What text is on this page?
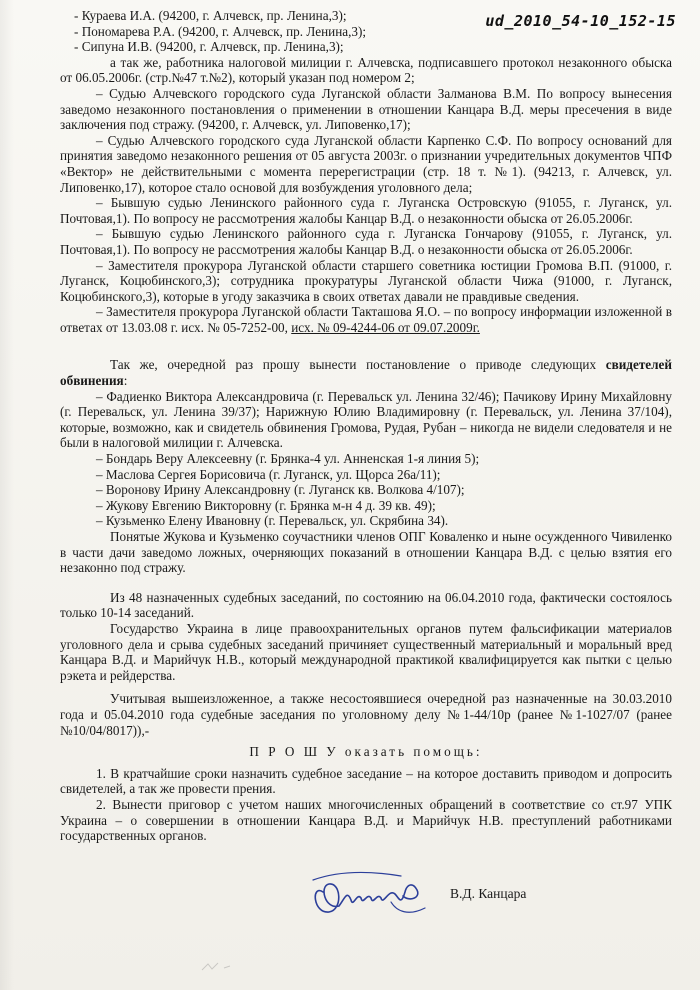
ud_2010_54-10_152-15

- Кураева И.А. (94200, г. Алчевск, пр. Ленина,3);

- Пономарева Р.А. (94200, г. Алчевск, пр. Ленина,3);

- Сипуна И.В. (94200, г. Алчевск, пр. Ленина,3);

а так же, работника налоговой милиции г. Алчевска, подписавшего протокол незаконного обыска от 06.05.2006г. (стр.№47 т.№2), который указан под номером 2;

– Судью Алчевского городского суда Луганской области Залманова В.М. По вопросу вынесения заведомо незаконного постановления о применении в отношении Канцара В.Д. меры пресечения в виде заключения под стражу. (94200, г. Алчевск, ул. Липовенко,17);

– Судью Алчевского городского суда Луганской области Карпенко С.Ф. По вопросу оснований для принятия заведомо незаконного решения от 05 августа 2003г. о признании учредительных документов ЧПФ «Вектор» не действительными с момента перерегистрации (стр. 18 т. №1). (94213, г. Алчевск, ул. Липовенко,17), которое стало основой для возбуждения уголовного дела;

– Бывшую судью Ленинского районного суда г. Луганска Островскую (91055, г. Луганск, ул. Почтовая,1). По вопросу не рассмотрения жалобы Канцар В.Д. о незаконности обыска от 26.05.2006г.

– Бывшую судью Ленинского районного суда г. Луганска Гончарову (91055, г. Луганск, ул. Почтовая,1). По вопросу не рассмотрения жалобы Канцар В.Д. о незаконности обыска от 26.05.2006г.

– Заместителя прокурора Луганской области старшего советника юстиции Громова В.П. (91000, г. Луганск, Коцюбинского,3); сотрудника прокуратуры Луганской области Чижа (91000, г. Луганск, Коцюбинского,3), которые в угоду заказчика в своих ответах давали не правдивые сведения.

– Заместителя прокурора Луганской области Такташова Я.О. – по вопросу информации изложенной в ответах от 13.03.08 г. исх. № 05-7252-00, исх. № 09-4244-06 от 09.07.2009г.

Так же, очередной раз прошу вынести постановление о приводе следующих свидетелей обвинения:

– Фадиенко Виктора Александровича (г. Перевальск ул. Ленина 32/46); Пачикову Ирину Михайловну (г. Перевальск, ул. Ленина 39/37); Нарижную Юлию Владимировну (г. Перевальск, ул. Ленина 37/104), которые, возможно, как и свидетель обвинения Громова, Рудая, Рубан – никогда не видели следователя и не были в налоговой милиции г. Алчевска.

– Бондарь Веру Алексеевну (г. Брянка-4 ул. Анненская 1-я линия 5);

– Маслова Сергея Борисовича (г. Луганск, ул. Щорса 26а/11);

– Воронову Ирину Александровну (г. Луганск кв. Волкова 4/107);

– Жукову Евгению Викторовну (г. Брянка м-н 4 д. 39 кв. 49);

– Кузьменко Елену Ивановну (г. Перевальск, ул. Скрябина 34).

Понятые Жукова и Кузьменко соучастники членов ОПГ Коваленко и ныне осужденного Чивиленко в части дачи заведомо ложных, очерняющих показаний в отношении Канцара В.Д. с целью взятия его незаконно под стражу.

Из 48 назначенных судебных заседаний, по состоянию на 06.04.2010 года, фактически состоялось только 10-14 заседаний.

Государство Украина в лице правоохранительных органов путем фальсификации материалов уголовного дела и срыва судебных заседаний причиняет существенный материальный и моральный вред Канцара В.Д. и Марийчук Н.В., который международной практикой квалифицируется как пытки с целью рэкета и рейдерства.

Учитывая вышеизложенное, а также несостоявшиеся очередной раз назначенные на 30.03.2010 года и 05.04.2010 года судебные заседания по уголовному делу №1-44/10р (ранее №1-1027/07 (ранее №10/04/8017)),-

П Р О Ш У оказать помощь:

1. В кратчайшие сроки назначить судебное заседание – на которое доставить приводом и допросить свидетелей, а так же провести прения.

2. Вынести приговор с учетом наших многочисленных обращений в соответствие со ст.97 УПК Украина – о совершении в отношении Канцара В.Д. и Марийчук Н.В. преступлений работниками государственных органов.

В.Д. Канцара
